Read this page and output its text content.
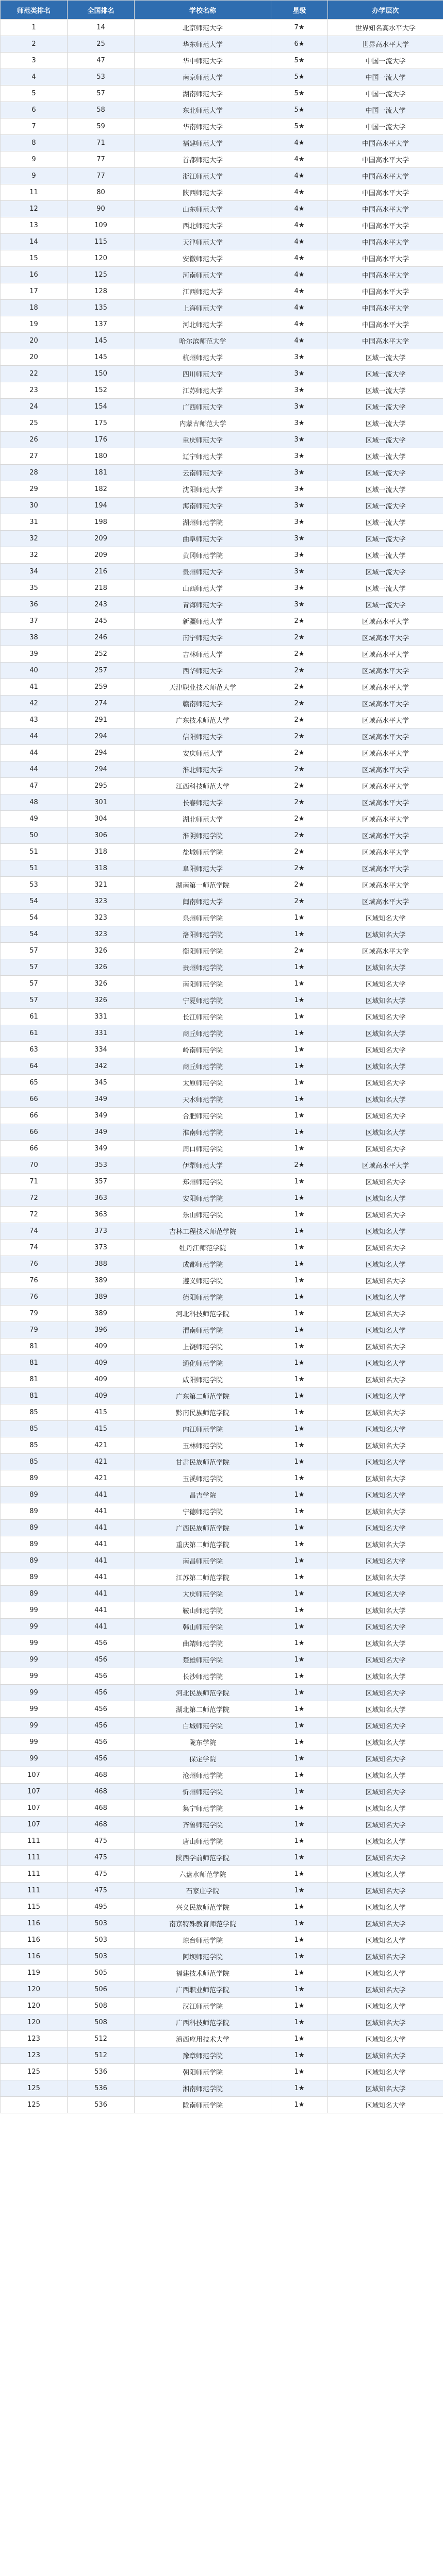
师范类排名	全国排名	学校名称	星级	办学层次
1	14	北京师范大学	7★	世界知名高水平大学
2	25	华东师范大学	6★	世界高水平大学
3	47	华中师范大学	5★	中国一流大学
4	53	南京师范大学	5★	中国一流大学
5	57	湖南师范大学	5★	中国一流大学
6	58	东北师范大学	5★	中国一流大学
7	59	华南师范大学	5★	中国一流大学
8	71	福建师范大学	4★	中国高水平大学
9	77	首都师范大学	4★	中国高水平大学
9	77	浙江师范大学	4★	中国高水平大学
11	80	陕西师范大学	4★	中国高水平大学
12	90	山东师范大学	4★	中国高水平大学
13	109	西北师范大学	4★	中国高水平大学
14	115	天津师范大学	4★	中国高水平大学
15	120	安徽师范大学	4★	中国高水平大学
16	125	河南师范大学	4★	中国高水平大学
17	128	江西师范大学	4★	中国高水平大学
18	135	上海师范大学	4★	中国高水平大学
19	137	河北师范大学	4★	中国高水平大学
20	145	哈尔滨师范大学	4★	中国高水平大学
20	145	杭州师范大学	3★	区域一流大学
22	150	四川师范大学	3★	区域一流大学
23	152	江苏师范大学	3★	区域一流大学
24	154	广西师范大学	3★	区域一流大学
25	175	内蒙古师范大学	3★	区域一流大学
26	176	重庆师范大学	3★	区域一流大学
27	180	辽宁师范大学	3★	区域一流大学
28	181	云南师范大学	3★	区域一流大学
29	182	沈阳师范大学	3★	区域一流大学
30	194	海南师范大学	3★	区域一流大学
31	198	湖州师范学院	3★	区域一流大学
32	209	曲阜师范大学	3★	区域一流大学
32	209	黄冈师范学院	3★	区域一流大学
34	216	贵州师范大学	3★	区域一流大学
35	218	山西师范大学	3★	区域一流大学
36	243	青海师范大学	3★	区域一流大学
37	245	新疆师范大学	2★	区域高水平大学
38	246	南宁师范大学	2★	区域高水平大学
39	252	吉林师范大学	2★	区域高水平大学
40	257	西华师范大学	2★	区域高水平大学
41	259	天津职业技术师范大学	2★	区域高水平大学
42	274	赣南师范大学	2★	区域高水平大学
43	291	广东技术师范大学	2★	区域高水平大学
44	294	信阳师范大学	2★	区域高水平大学
44	294	安庆师范大学	2★	区域高水平大学
44	294	淮北师范大学	2★	区域高水平大学
47	295	江西科技师范大学	2★	区域高水平大学
48	301	长春师范大学	2★	区域高水平大学
49	304	湖北师范大学	2★	区域高水平大学
50	306	淮阴师范学院	2★	区域高水平大学
51	318	盐城师范学院	2★	区域高水平大学
51	318	阜阳师范大学	2★	区域高水平大学
53	321	湖南第一师范学院	2★	区域高水平大学
54	323	闽南师范大学	2★	区域高水平大学
54	323	泉州师范学院	1★	区域知名大学
54	323	洛阳师范学院	1★	区域知名大学
57	326	衡阳师范学院	2★	区域高水平大学
57	326	贵州师范学院	1★	区域知名大学
57	326	南阳师范学院	1★	区域知名大学
57	326	宁夏师范学院	1★	区域知名大学
61	331	长江师范学院	1★	区域知名大学
61	331	商丘师范学院	1★	区域知名大学
63	334	岭南师范学院	1★	区域知名大学
64	342	商丘师范学院	1★	区域知名大学
65	345	太原师范学院	1★	区域知名大学
66	349	天水师范学院	1★	区域知名大学
66	349	合肥师范学院	1★	区域知名大学
66	349	淮南师范学院	1★	区域知名大学
66	349	周口师范学院	1★	区域知名大学
70	353	伊犁师范大学	2★	区域高水平大学
71	357	郑州师范学院	1★	区域知名大学
72	363	安阳师范学院	1★	区域知名大学
72	363	乐山师范学院	1★	区域知名大学
74	373	吉林工程技术师范学院	1★	区域知名大学
74	373	牡丹江师范学院	1★	区域知名大学
76	388	成都师范学院	1★	区域知名大学
76	389	遵义师范学院	1★	区域知名大学
76	389	德阳师范学院	1★	区域知名大学
79	389	河北科技师范学院	1★	区域知名大学
79	396	渭南师范学院	1★	区域知名大学
81	409	上饶师范学院	1★	区域知名大学
81	409	通化师范学院	1★	区域知名大学
81	409	咸阳师范学院	1★	区域知名大学
81	409	广东第二师范学院	1★	区域知名大学
85	415	黔南民族师范学院	1★	区域知名大学
85	415	内江师范学院	1★	区域知名大学
85	421	玉林师范学院	1★	区域知名大学
85	421	甘肃民族师范学院	1★	区域知名大学
89	421	玉溪师范学院	1★	区域知名大学
89	441	昌吉学院	1★	区域知名大学
89	441	宁德师范学院	1★	区域知名大学
89	441	广西民族师范学院	1★	区域知名大学
89	441	重庆第二师范学院	1★	区域知名大学
89	441	南昌师范学院	1★	区域知名大学
89	441	江苏第二师范学院	1★	区域知名大学
89	441	大庆师范学院	1★	区域知名大学
99	441	鞍山师范学院	1★	区域知名大学
99	441	韩山师范学院	1★	区域知名大学
99	456	曲靖师范学院	1★	区域知名大学
99	456	楚雄师范学院	1★	区域知名大学
99	456	长沙师范学院	1★	区域知名大学
99	456	河北民族师范学院	1★	区域知名大学
99	456	湖北第二师范学院	1★	区域知名大学
99	456	白城师范学院	1★	区域知名大学
99	456	陇东学院	1★	区域知名大学
99	456	保定学院	1★	区域知名大学
107	468	沧州师范学院	1★	区域知名大学
107	468	忻州师范学院	1★	区域知名大学
107	468	集宁师范学院	1★	区域知名大学
107	468	齐鲁师范学院	1★	区域知名大学
111	475	唐山师范学院	1★	区域知名大学
111	475	陕西学前师范学院	1★	区域知名大学
111	475	六盘水师范学院	1★	区域知名大学
111	475	石家庄学院	1★	区域知名大学
115	495	兴义民族师范学院	1★	区域知名大学
116	503	南京特殊教育师范学院	1★	区域知名大学
116	503	琼台师范学院	1★	区域知名大学
116	503	阿坝师范学院	1★	区域知名大学
119	505	福建技术师范学院	1★	区域知名大学
120	506	广西职业师范学院	1★	区域知名大学
120	508	汉江师范学院	1★	区域知名大学
120	508	广西科技师范学院	1★	区域知名大学
123	512	滇西应用技术大学	1★	区域知名大学
123	512	豫章师范学院	1★	区域知名大学
125	536	朝阳师范学院	1★	区域知名大学
125	536	湘南师范学院	1★	区域知名大学
125	536	陇南师范学院	1★	区域知名大学
